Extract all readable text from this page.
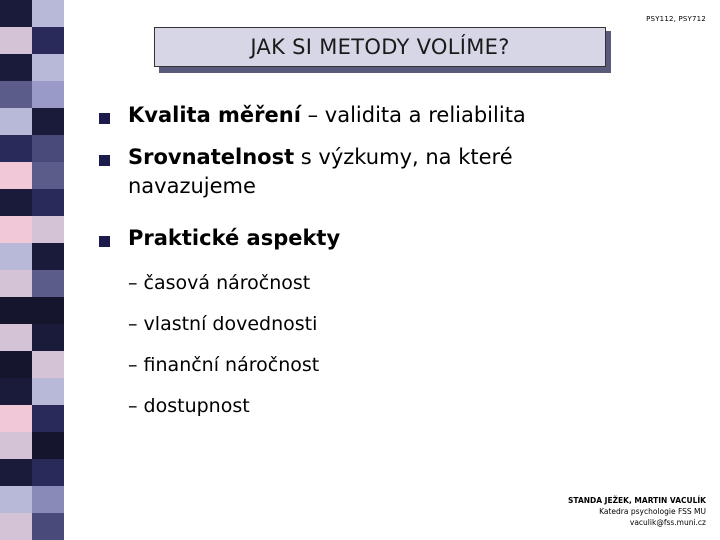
PSY112, PSY712
JAK SI METODY VOLÍME?
Kvalita měření – validita a reliabilita
Srovnatelnost s výzkumy, na které
navazujeme
Praktické aspekty
– časová náročnost
– vlastní dovednosti
– finanční náročnost
– dostupnost
STANDA JEŽEK, MARTIN VACULÍK
Katedra psychologie FSS MU
vaculik@fss.muni.cz
